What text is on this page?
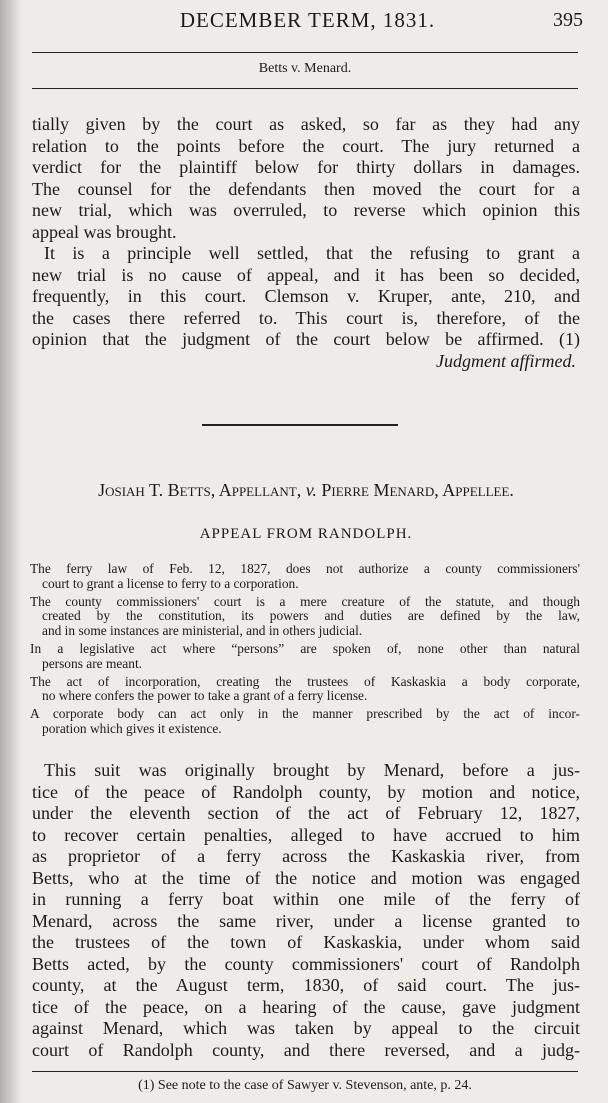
DECEMBER TERM, 1831.	395
Betts v. Menard.
tially given by the court as asked, so far as they had any
relation to the points before the court. The jury returned a
verdict for the plaintiff below for thirty dollars in damages.
The counsel for the defendants then moved the court for a
new trial, which was overruled, to reverse which opinion this
appeal was brought.
It is a principle well settled, that the refusing to grant a
new trial is no cause of appeal, and it has been so decided,
frequently, in this court. Clemson v. Kruper, ante, 210, and
the cases there referred to. This court is, therefore, of the
opinion that the judgment of the court below be affirmed. (1)
Judgment affirmed.
Josiah T. Betts, Appellant, v. Pierre Menard, Appellee.
APPEAL FROM RANDOLPH.
The ferry law of Feb. 12, 1827, does not authorize a county commissioners'
court to grant a license to ferry to a corporation.
The county commissioners' court is a mere creature of the statute, and though
created by the constitution, its powers and duties are defined by the law,
and in some instances are ministerial, and in others judicial.
In a legislative act where “persons” are spoken of, none other than natural
persons are meant.
The act of incorporation, creating the trustees of Kaskaskia a body corporate,
no where confers the power to take a grant of a ferry license.
A corporate body can act only in the manner prescribed by the act of incor-
poration which gives it existence.
This suit was originally brought by Menard, before a jus-
tice of the peace of Randolph county, by motion and notice,
under the eleventh section of the act of February 12, 1827,
to recover certain penalties, alleged to have accrued to him
as proprietor of a ferry across the Kaskaskia river, from
Betts, who at the time of the notice and motion was engaged
in running a ferry boat within one mile of the ferry of
Menard, across the same river, under a license granted to
the trustees of the town of Kaskaskia, under whom said
Betts acted, by the county commissioners' court of Randolph
county, at the August term, 1830, of said court. The jus-
tice of the peace, on a hearing of the cause, gave judgment
against Menard, which was taken by appeal to the circuit
court of Randolph county, and there reversed, and a judg-
(1) See note to the case of Sawyer v. Stevenson, ante, p. 24.
